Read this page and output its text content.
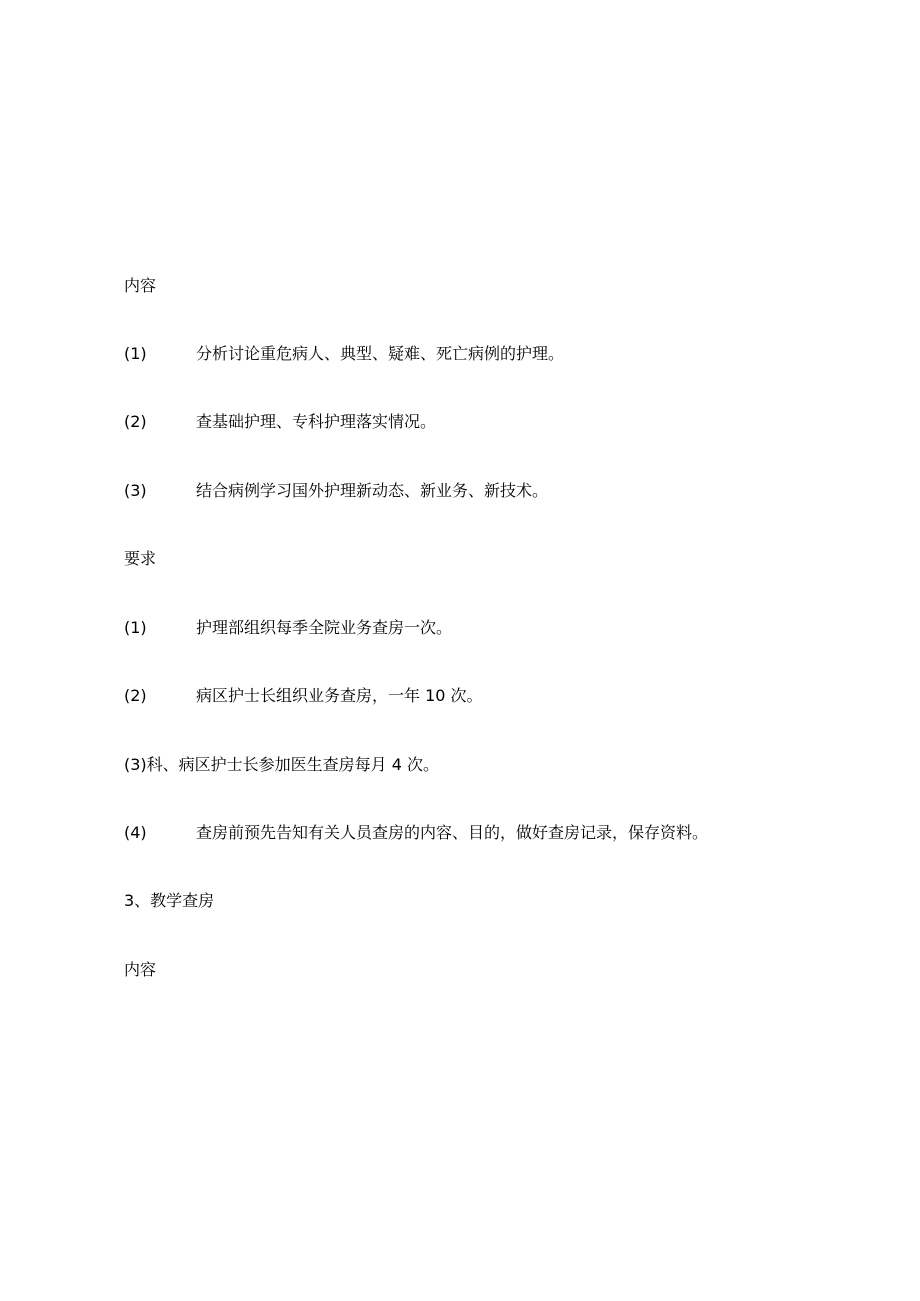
内容
(1)	分析讨论重危病人、典型、疑难、死亡病例的护理。
(2)	查基础护理、专科护理落实情况。
(3)	结合病例学习国外护理新动态、新业务、新技术。
要求
(1)	护理部组织每季全院业务查房一次。
(2)	病区护士长组织业务查房，一年 10 次。
(3)科、病区护士长参加医生查房每月 4 次。
(4)	查房前预先告知有关人员查房的内容、目的，做好查房记录，保存资料。
3、教学查房
内容
